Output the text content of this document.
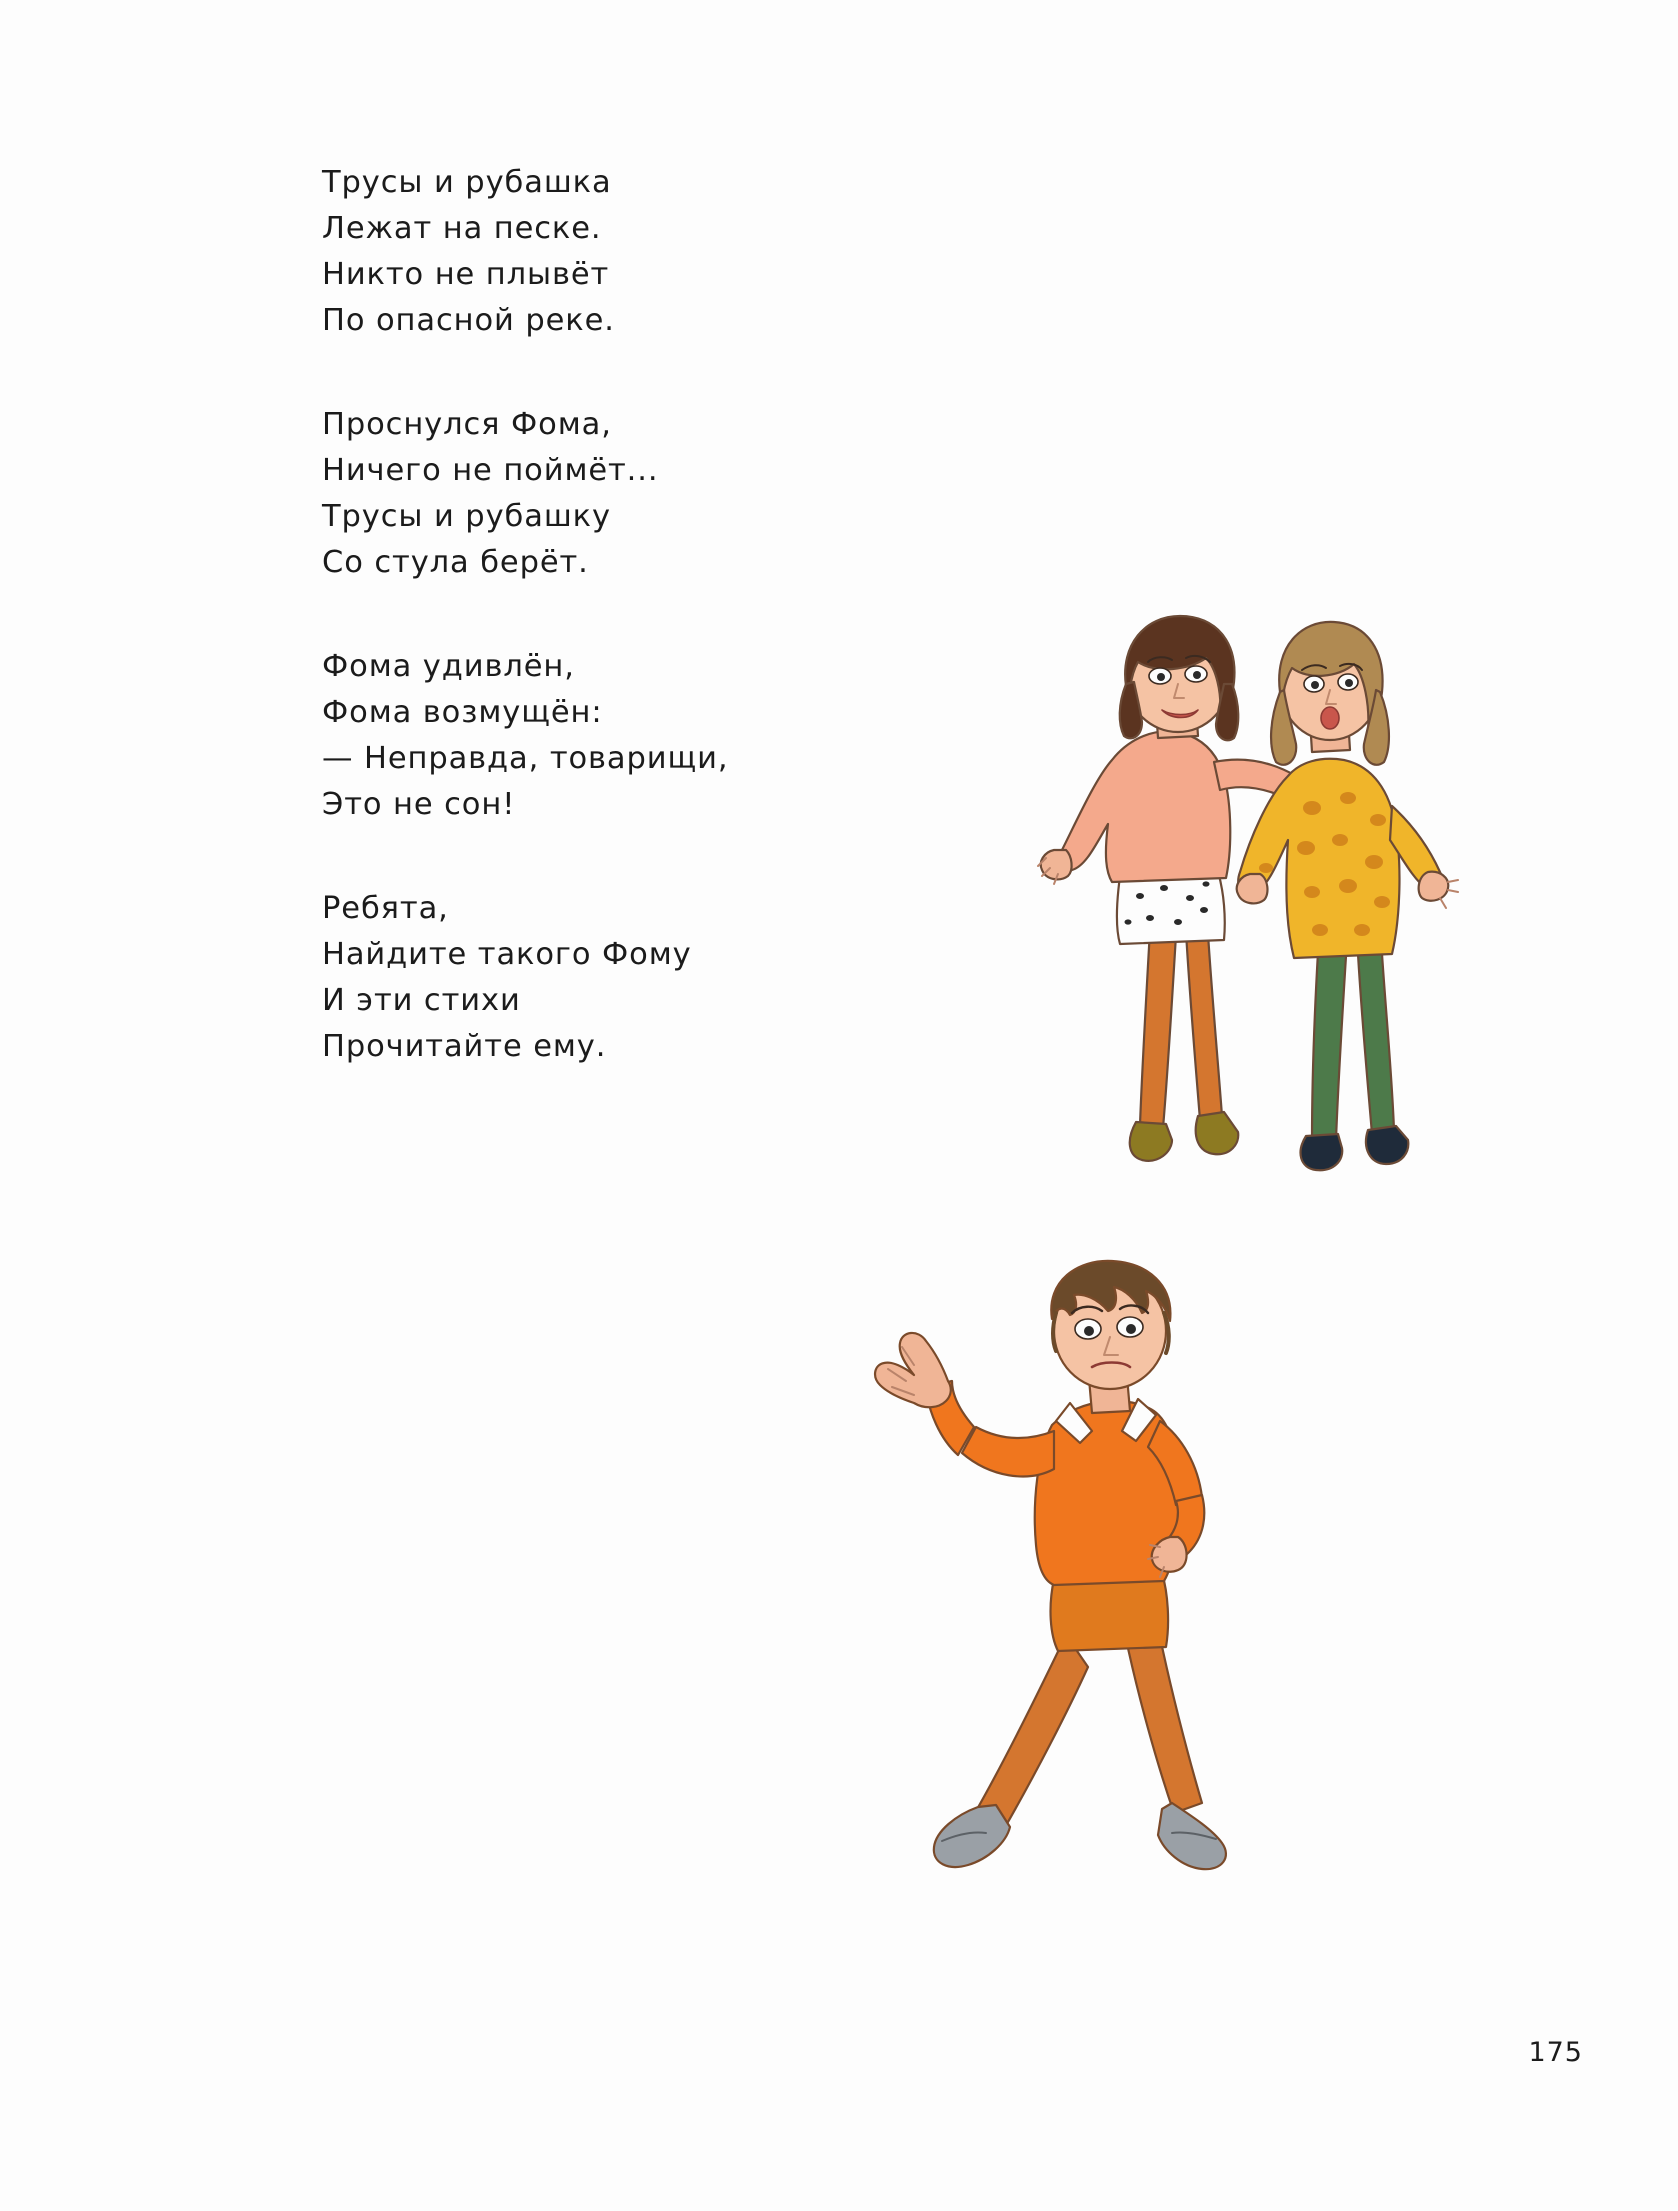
Трусы и рубашка
Лежат на песке.
Никто не плывёт
По опасной реке.
Проснулся Фома,
Ничего не поймёт...
Трусы и рубашку
Со стула берёт.
Фома удивлён,
Фома возмущён:
— Неправда, товарищи,
Это не сон!
Ребята,
Найдите такого Фому
И эти стихи
Прочитайте ему.
175
